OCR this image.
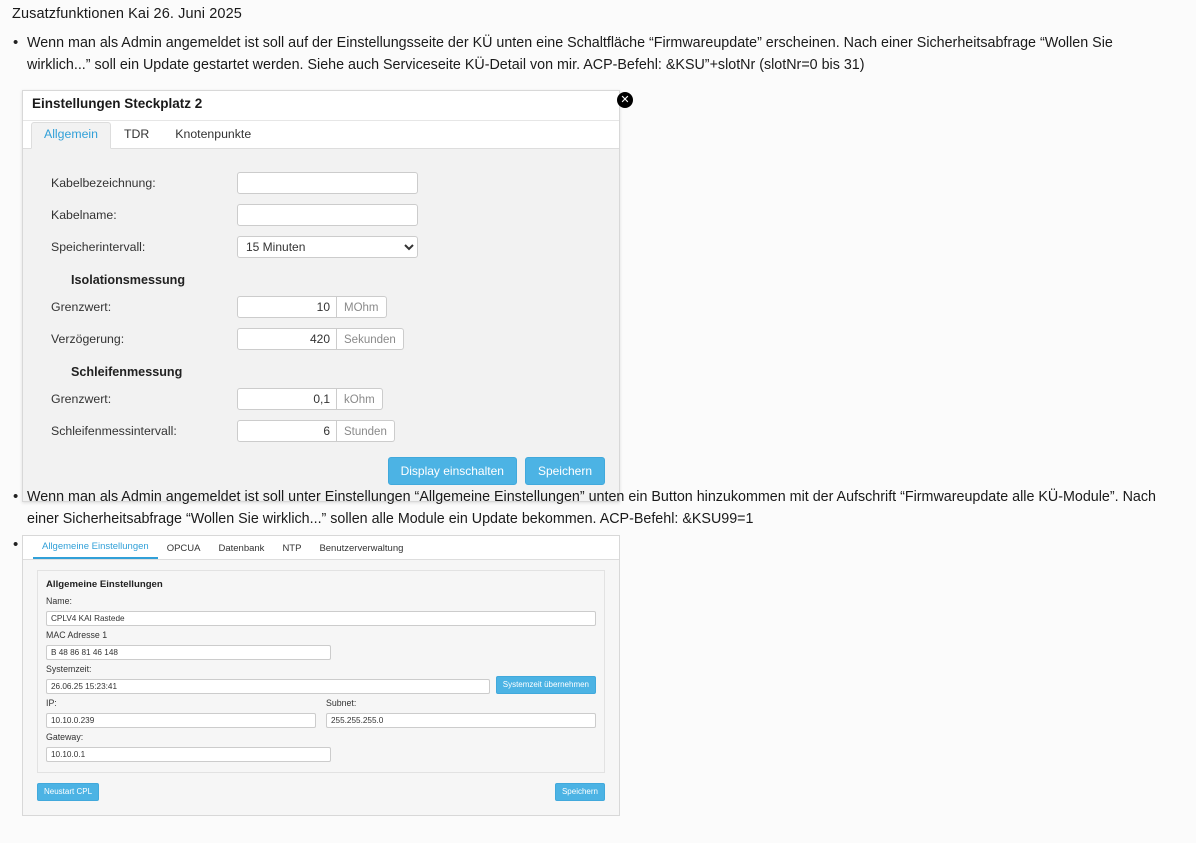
Zusatzfunktionen Kai 26. Juni 2025
• Wenn man als Admin angemeldet ist soll auf der Einstellungsseite der KÜ unten eine Schaltfläche “Firmwareupdate” erscheinen. Nach einer Sicherheitsabfrage “Wollen Sie wirklich...” soll ein Update gestartet werden. Siehe auch Serviceseite KÜ-Detail von mir. ACP-Befehl: &KSU”+slotNr (slotNr=0 bis 31)
Einstellungen Steckplatz 2	✕
Allgemein	TDR	Knotenpunkte
Kabelbezeichnung:
Kabelname:
Speicherintervall:
15 Minuten
Isolationsmessung
Grenzwert:
10	MOhm
Verzögerung:
420	Sekunden
Schleifenmessung
Grenzwert:
0,1	kOhm
Schleifenmessintervall:
6	Stunden
Display einschalten	Speichern
• Wenn man als Admin angemeldet ist soll unter Einstellungen “Allgemeine Einstellungen” unten ein Button hinzukommen mit der Aufschrift “Firmwareupdate alle KÜ-Module”. Nach einer Sicherheitsabfrage “Wollen Sie wirklich...” sollen alle Module ein Update bekommen. ACP-Befehl: &KSU99=1
•	Allgemeine Einstellungen	OPCUA	Datenbank	NTP	Benutzerverwaltung
Allgemeine Einstellungen
Name:
CPLV4 KAI Rastede
MAC Adresse 1
B 48 86 81 46 148
Systemzeit:
26.06.25 15:23:41
Systemzeit übernehmen
IP:
10.10.0.239	Subnet:
255.255.255.0
Gateway:
10.10.0.1
Neustart CPL	Speichern
